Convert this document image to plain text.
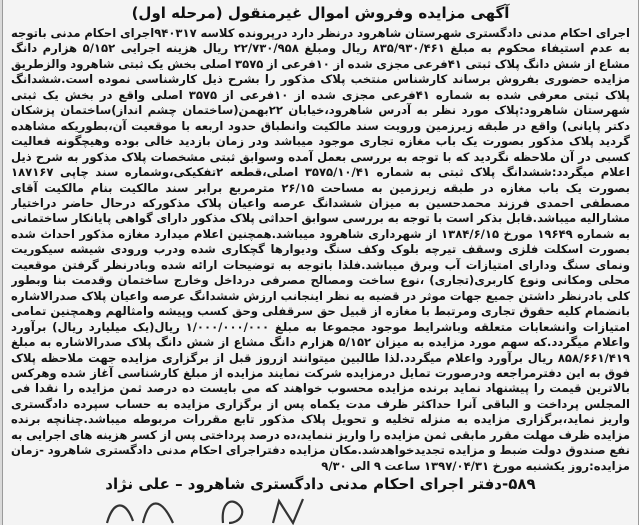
آگهی مزایده وفروش اموال غیرمنقول (مرحله اول)
اجرای احکام مدنی دادگستری شهرستان شاهرود درنظر دارد درپرونده کلاسه ۹۴۰۳۱۷اجرای احکام مدنی باتوجه به عدم استیفاء محکوم به مبلغ ۸۳۵/۹۳۰/۴۶۱ ریال ومبلغ ۲۲/۷۳۰/۹۵۸ ریال هزینه اجرایی ۵/۱۵۲ هزارم دانگ مشاع از شش دانگ پلاک ثبتی ۴۱فرعی مجزی شده از ۱۰فرعی از ۳۵۷۵ اصلی بخش یک ثبتی شاهرود والزطریق مزایده حضوری بفروش برساند کارشناس منتخب پلاک مذکور را بشرح ذیل کارشناسی نموده است.ششدانگ پلاک ثبتی معرفی شده به شماره ۴۱فرعی مجزی شده از ۱۰فرعی از ۳۵۷۵ اصلی واقع در بخش یک ثبتی شهرستان شاهرود:پلاک مورد نظر به آدرس شاهرود،خیابان ۲۲بهمن(ساختمان چشم انداز)ساختمان پزشکان دکتر پایانی) واقع در طبقه زیرزمین ورویت سند مالکیت وانطباق حدود اربعه با موقعیت آن،بطوریکه مشاهده گردید پلاک مذکور بصورت یک باب مغازه تجاری موجود میباشد ودر زمان بازدید خالی بوده وهیچگونه فعالیت کسبی در آن ملاحظه نگردید که با توجه به بررسی بعمل آمده وسوابق ثبتی مشخصات پلاک مذکور به شرح ذیل اعلام میگردد:ششدانگ پلاک ثبتی به شماره ۳۵۷۵/۱۰/۴۱ اصلی،قطعه ۲تفکیکی،وشماره سند چاپی ۱۸۷۱۶۷ بصورت یک باب مغازه در طبقه زیرزمین به مساحت ۲۶/۱۵ مترمربع برابر سند مالکیت بنام مالکیت آقای مصطفی احمدی فرزند محمدحسین به میزان ششدانگ عرصه واعیان پلاک مذکورکه درحال حاضر دراختیار مشارالیه میباشد.قابل بذکر است با توجه به بررسی سوابق احداثی پلاک مذکور دارای گواهی پایانکار ساختمانی به شماره ۱۹۶۴۹ مورخ ۱۳۸۴/۶/۱۵ از شهرداری شاهرود میباشد.همچنین اعلام میدارد مغازه مذکور احداث شده بصورت اسکلت فلزی وسقف تیرچه بلوک وکف سنگ ودیوارها گچکاری شده ودرب ورودی شیشه سیکوریت ونمای سنگ ودارای امتیازات آب وبرق میباشد.فلذا باتوجه به توضیحات ارائه شده وبادرنظر گرفتن موقعیت محلی ومکانی ونوع کاربری(تجاری) ،نوع ساخت ومصالح مصرفی درداخل وخارج ساختمان وقدمت بنا وبطور کلی بادرنظر داشتن جمیع جهات موثر در قضیه به نظر اینجانب ارزش ششدانگ عرصه واعیان پلاک صدرالاشاره بانضمام کلیه حقوق تجاری ومرتبط با مغازه از قبیل حق سرقفلی وحق کسب وپیشه وامثالهم وهمچنین تمامی امتیازات وانشعابات متعلقه وباشرایط موجود مجموعا به مبلغ ۱/۰۰۰/۰۰۰/۰۰۰ ریال(یک میلیارد ریال) برآورد واعلام میگردد.که سهم مورد مزایده به میزان ۵/۱۵۲ هزارم دانگ مشاع از شش دانگ پلاک صدرالاشاره به مبلغ ۸۵۸/۶۶۱/۴۱۹ ریال برآورد واعلام میگردد.لذا طالبین میتوانند ازروز قبل از برگزاری مزایده جهت ملاحظه پلاک فوق به این دفترمراجعه ودرصورت تمایل درمزایده شرکت نمایند مزایده از مبلغ کارشناسی آغاز شده وهرکس بالاترین قیمت را پیشنهاد نماید برنده مزایده محسوب خواهند که می بایست ده درصد ثمن مزایده را نقدا فی المجلس پرداخت و الباقی آنرا حداکثر ظرف مدت یکماه پس از برگزاری مزایده به حساب سپرده دادگستری واریز نماید،برگزاری مزایده به منزله تخلیه و تحویل پلاک مذکور تابع مقررات مربوطه میباشد.چنانچه برنده مزایده ظرف مهلت مقرر مابقی ثمن مزایده را واریز ننماید،ده درصد پرداختی پس از کسر هزینه های اجرایی به نفع صندوق دولت ضبط و مزایده تجدیدخواهدشد.مکان مزایده دفتراجرای احکام مدنی دادگستری شاهرود -زمان مزایده:روز یکشنبه مورخ ۱۳۹۷/۰۴/۳۱ ساعت ۹ الی ۹/۳۰
۵۸۹-دفتر اجرای احکام مدنی دادگستری شاهرود – علی نژاد
